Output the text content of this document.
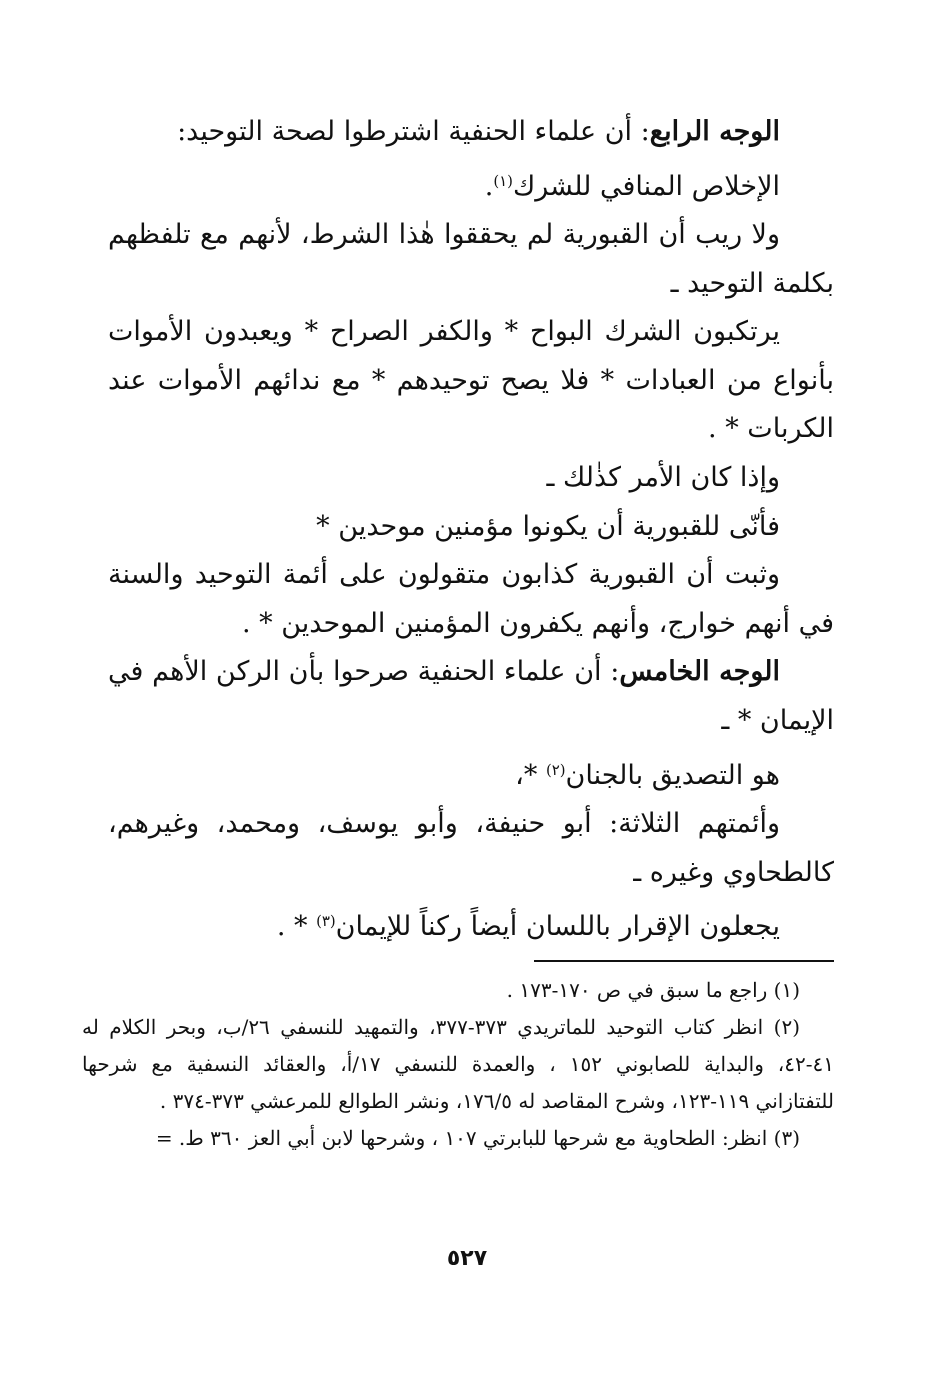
الوجه الرابع: أن علماء الحنفية اشترطوا لصحة التوحيد:

الإخلاص المنافي للشرك$^{(١)}$.

ولا ريب أن القبورية لم يحققوا هٰذا الشرط، لأنهم مع تلفظهم بكلمة التوحيد ـ

يرتكبون الشرك البواح * والكفر الصراح * ويعبدون الأموات بأنواع من العبادات * فلا يصح توحيدهم * مع ندائهم الأموات عند الكربات * .

وإذا كان الأمر كذٰلك ـ

فأنّى للقبورية أن يكونوا مؤمنين موحدين *

وثبت أن القبورية كذابون متقولون على أئمة التوحيد والسنة في أنهم خوارج، وأنهم يكفرون المؤمنين الموحدين * .

الوجه الخامس: أن علماء الحنفية صرحوا بأن الركن الأهم في الإيمان * ـ

هو التصديق بالجنان$^{(٢)}$ *،

وأئمتهم الثلاثة: أبو حنيفة، وأبو يوسف، ومحمد، وغيرهم، كالطحاوي وغيره ـ

يجعلون الإقرار باللسان أيضاً ركناً للإيمان$^{(٣)}$ * .

(١) راجع ما سبق في ص ١٧٠-١٧٣ .

(٢) انظر كتاب التوحيد للماتريدي ٣٧٣-٣٧٧، والتمهيد للنسفي ٢٦/ب، وبحر الكلام له ٤١-٤٢، والبداية للصابوني ١٥٢ ، والعمدة للنسفي ١٧/أ، والعقائد النسفية مع شرحها للتفتازاني ١١٩-١٢٣، وشرح المقاصد له ١٧٦/٥، ونشر الطوالع للمرعشي ٣٧٣-٣٧٤ .

(٣) انظر: الطحاوية مع شرحها للبابرتي ١٠٧ ، وشرحها لابن أبي العز ٣٦٠ ط. =

٥٢٧
